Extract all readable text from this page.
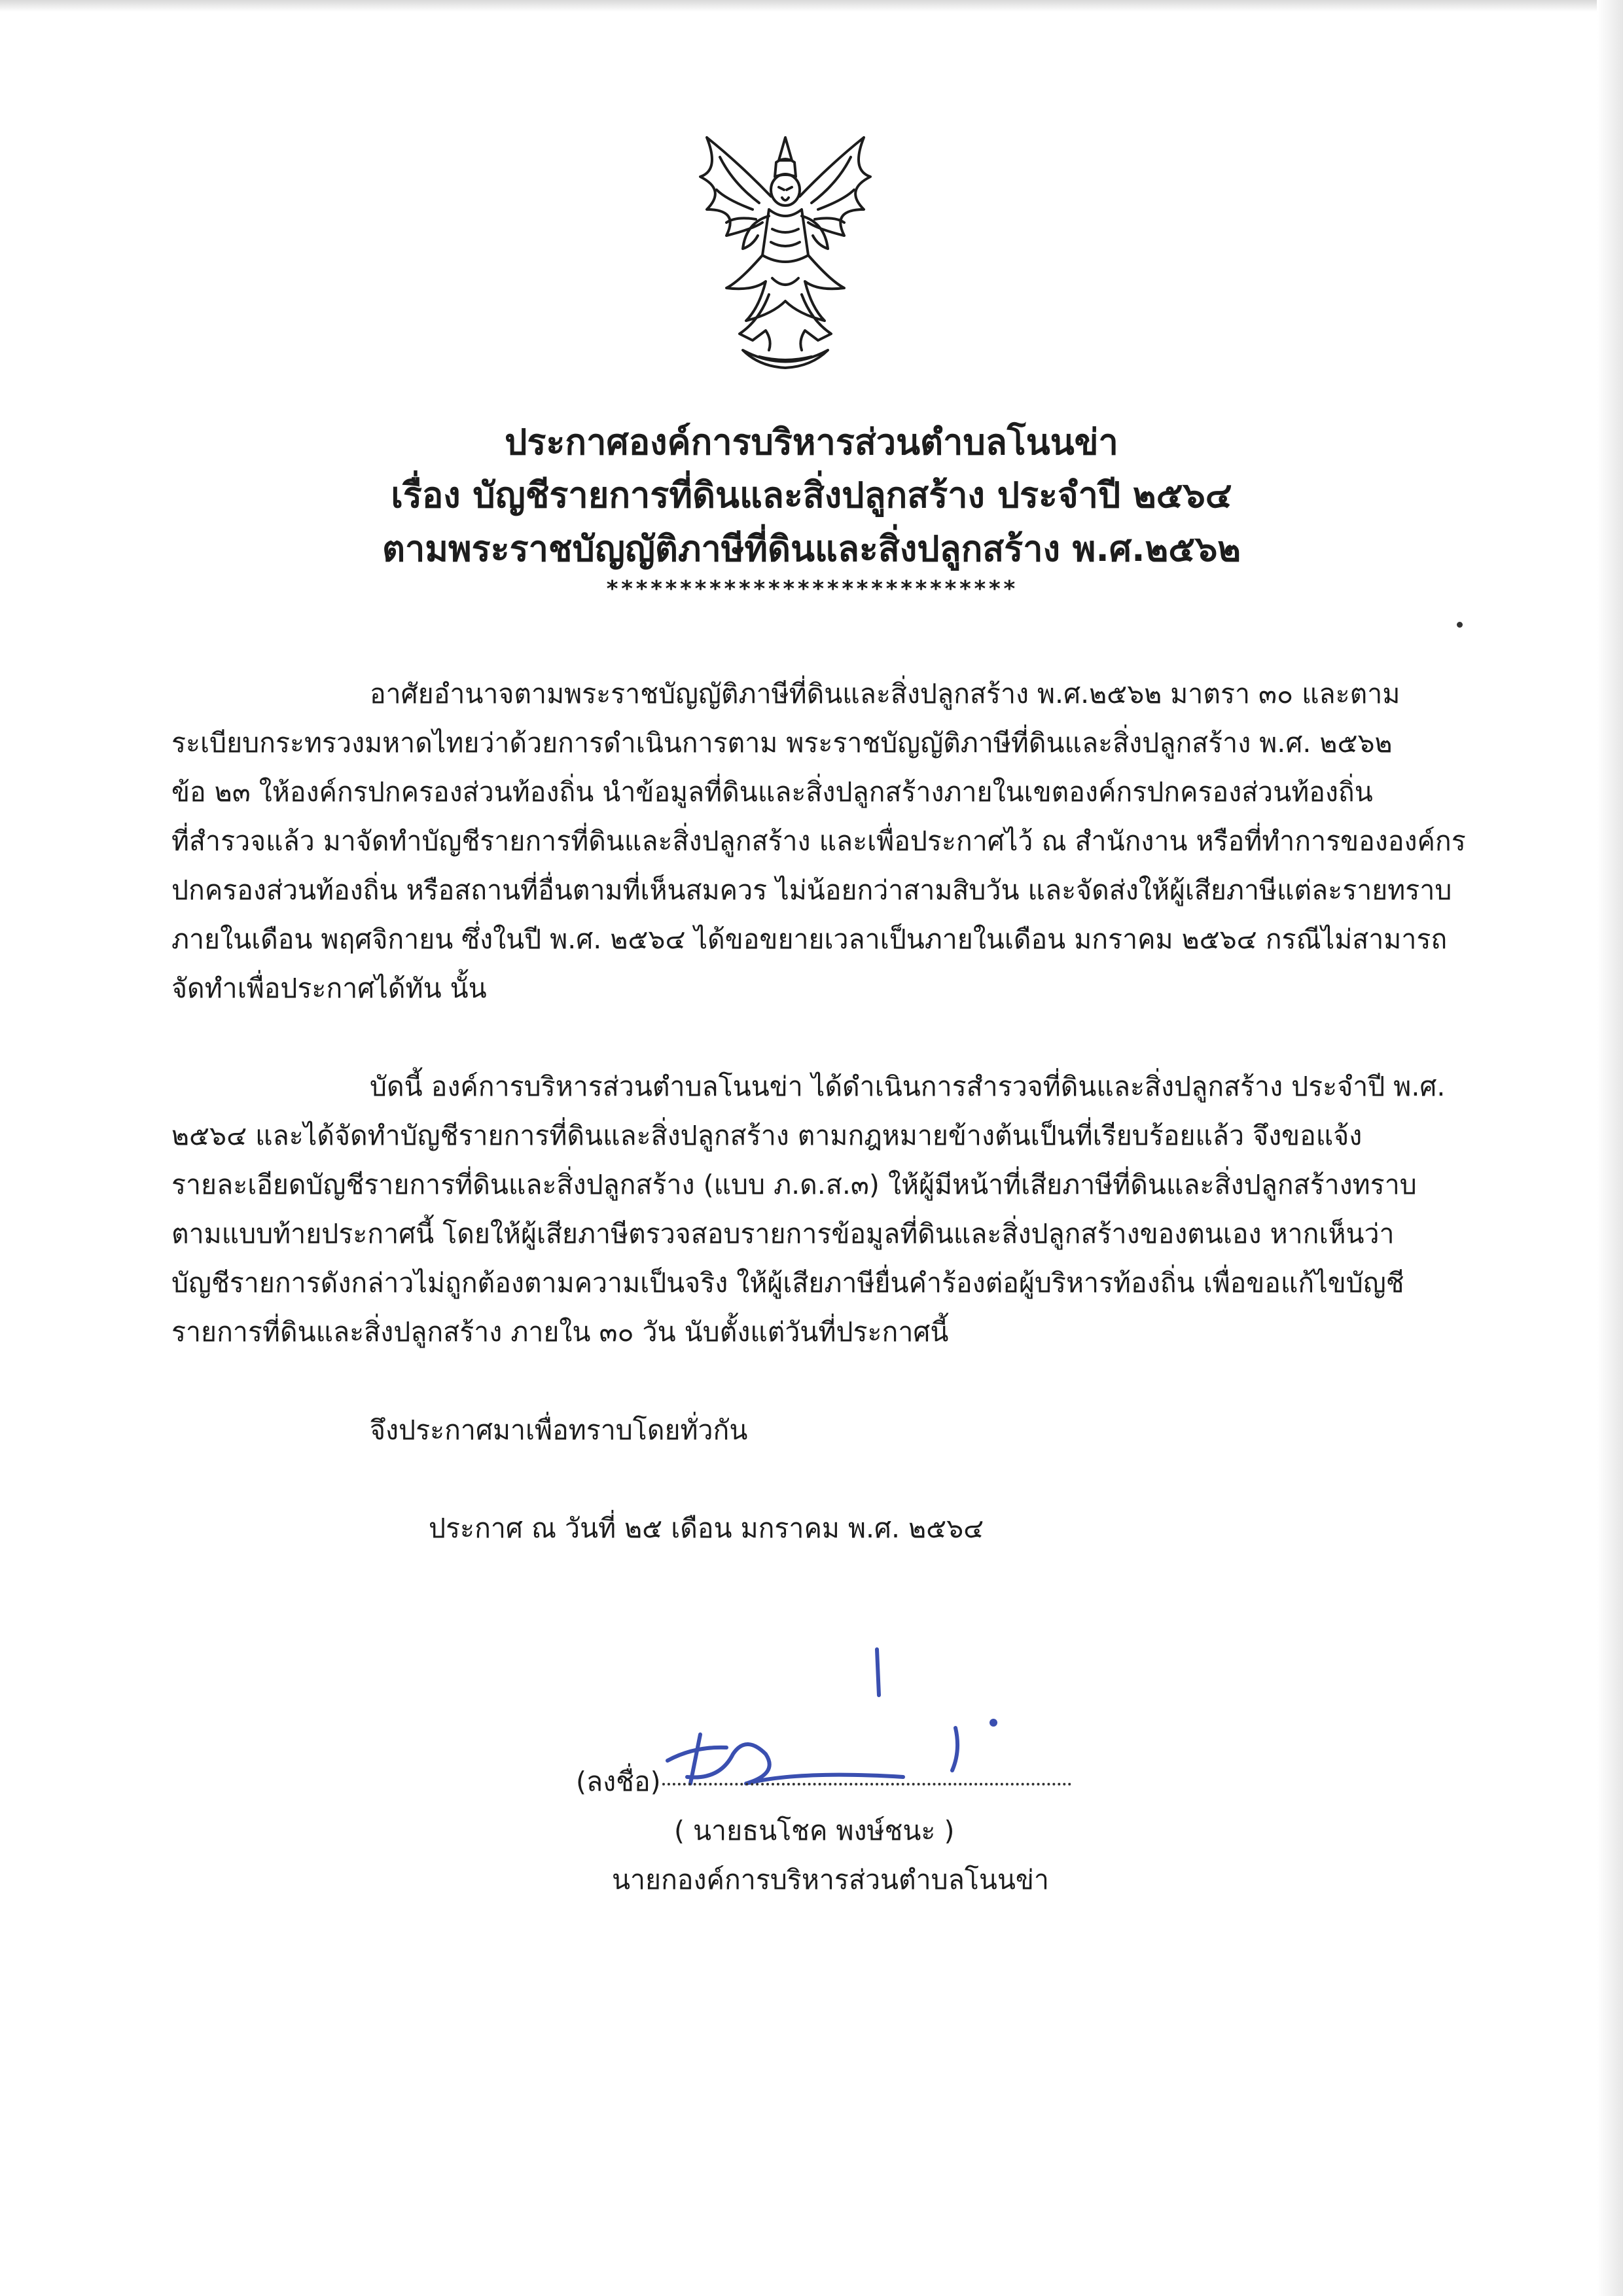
ประกาศองค์การบริหารส่วนตำบลโนนข่า
เรื่อง บัญชีรายการที่ดินและสิ่งปลูกสร้าง ประจำปี ๒๕๖๔
ตามพระราชบัญญัติภาษีที่ดินและสิ่งปลูกสร้าง พ.ศ.๒๕๖๒
****************************
อาศัยอำนาจตามพระราชบัญญัติภาษีที่ดินและสิ่งปลูกสร้าง พ.ศ.๒๕๖๒ มาตรา ๓๐ และตาม
ระเบียบกระทรวงมหาดไทยว่าด้วยการดำเนินการตาม พระราชบัญญัติภาษีที่ดินและสิ่งปลูกสร้าง พ.ศ. ๒๕๖๒
ข้อ ๒๓ ให้องค์กรปกครองส่วนท้องถิ่น นำข้อมูลที่ดินและสิ่งปลูกสร้างภายในเขตองค์กรปกครองส่วนท้องถิ่น
ที่สำรวจแล้ว มาจัดทำบัญชีรายการที่ดินและสิ่งปลูกสร้าง และเพื่อประกาศไว้ ณ สำนักงาน หรือที่ทำการขององค์กร
ปกครองส่วนท้องถิ่น หรือสถานที่อื่นตามที่เห็นสมควร ไม่น้อยกว่าสามสิบวัน และจัดส่งให้ผู้เสียภาษีแต่ละรายทราบ
ภายในเดือน พฤศจิกายน ซึ่งในปี พ.ศ. ๒๕๖๔ ได้ขอขยายเวลาเป็นภายในเดือน มกราคม ๒๕๖๔ กรณีไม่สามารถ
จัดทำเพื่อประกาศได้ทัน นั้น
บัดนี้ องค์การบริหารส่วนตำบลโนนข่า ได้ดำเนินการสำรวจที่ดินและสิ่งปลูกสร้าง ประจำปี พ.ศ.
๒๕๖๔ และได้จัดทำบัญชีรายการที่ดินและสิ่งปลูกสร้าง ตามกฎหมายข้างต้นเป็นที่เรียบร้อยแล้ว จึงขอแจ้ง
รายละเอียดบัญชีรายการที่ดินและสิ่งปลูกสร้าง (แบบ ภ.ด.ส.๓) ให้ผู้มีหน้าที่เสียภาษีที่ดินและสิ่งปลูกสร้างทราบ
ตามแบบท้ายประกาศนี้ โดยให้ผู้เสียภาษีตรวจสอบรายการข้อมูลที่ดินและสิ่งปลูกสร้างของตนเอง หากเห็นว่า
บัญชีรายการดังกล่าวไม่ถูกต้องตามความเป็นจริง ให้ผู้เสียภาษียื่นคำร้องต่อผู้บริหารท้องถิ่น เพื่อขอแก้ไขบัญชี
รายการที่ดินและสิ่งปลูกสร้าง ภายใน ๓๐ วัน นับตั้งแต่วันที่ประกาศนี้
จึงประกาศมาเพื่อทราบโดยทั่วกัน
ประกาศ ณ วันที่ ๒๕ เดือน มกราคม พ.ศ. ๒๕๖๔
(ลงชื่อ)
( นายธนโชค พงษ์ชนะ )
นายกองค์การบริหารส่วนตำบลโนนข่า
